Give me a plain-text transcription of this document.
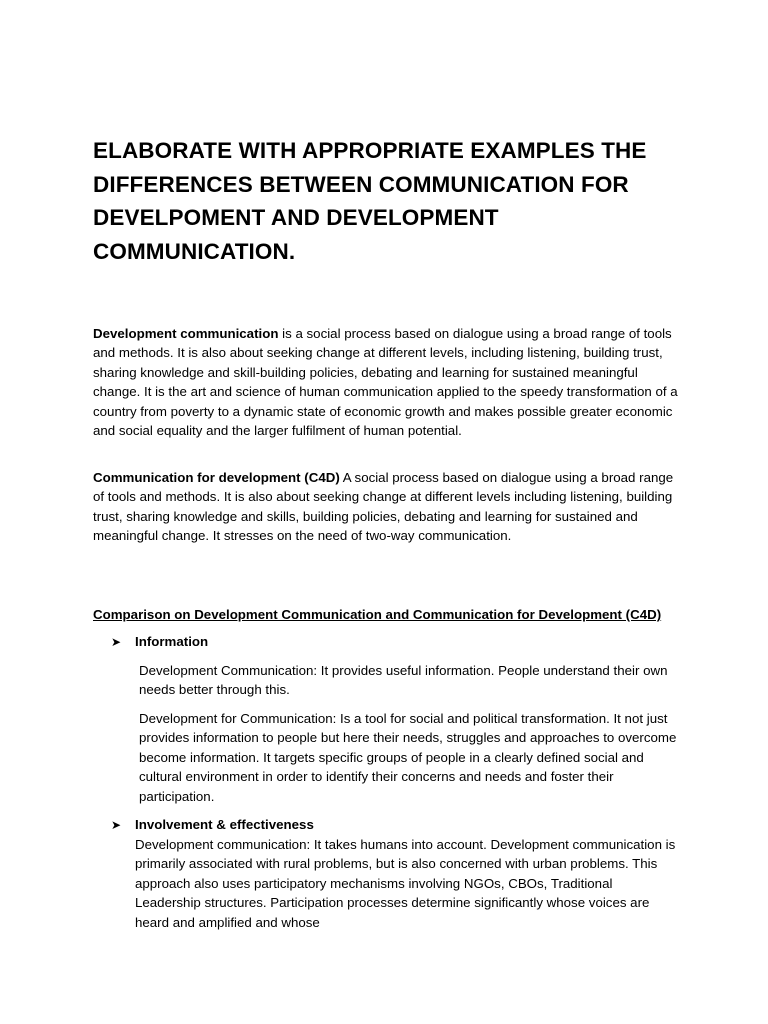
ELABORATE WITH APPROPRIATE EXAMPLES THE DIFFERENCES BETWEEN COMMUNICATION FOR DEVELPOMENT AND DEVELOPMENT COMMUNICATION.

Development communication is a social process based on dialogue using a broad range of tools and methods. It is also about seeking change at different levels, including listening, building trust, sharing knowledge and skill-building policies, debating and learning for sustained meaningful change. It is the art and science of human communication applied to the speedy transformation of a country from poverty to a dynamic state of economic growth and makes possible greater economic and social equality and the larger fulfilment of human potential.

Communication for development (C4D) A social process based on dialogue using a broad range of tools and methods. It is also about seeking change at different levels including listening, building trust, sharing knowledge and skills, building policies, debating and learning for sustained and meaningful change. It stresses on the need of two-way communication.

Comparison on Development Communication and Communication for Development (C4D)

➤ Information

Development Communication: It provides useful information. People understand their own needs better through this.

Development for Communication: Is a tool for social and political transformation. It not just provides information to people but here their needs, struggles and approaches to overcome become information. It targets specific groups of people in a clearly defined social and cultural environment in order to identify their concerns and needs and foster their participation.

➤ Involvement & effectiveness

Development communication: It takes humans into account. Development communication is primarily associated with rural problems, but is also concerned with urban problems. This approach also uses participatory mechanisms involving NGOs, CBOs, Traditional Leadership structures. Participation processes determine significantly whose voices are heard and amplified and whose
